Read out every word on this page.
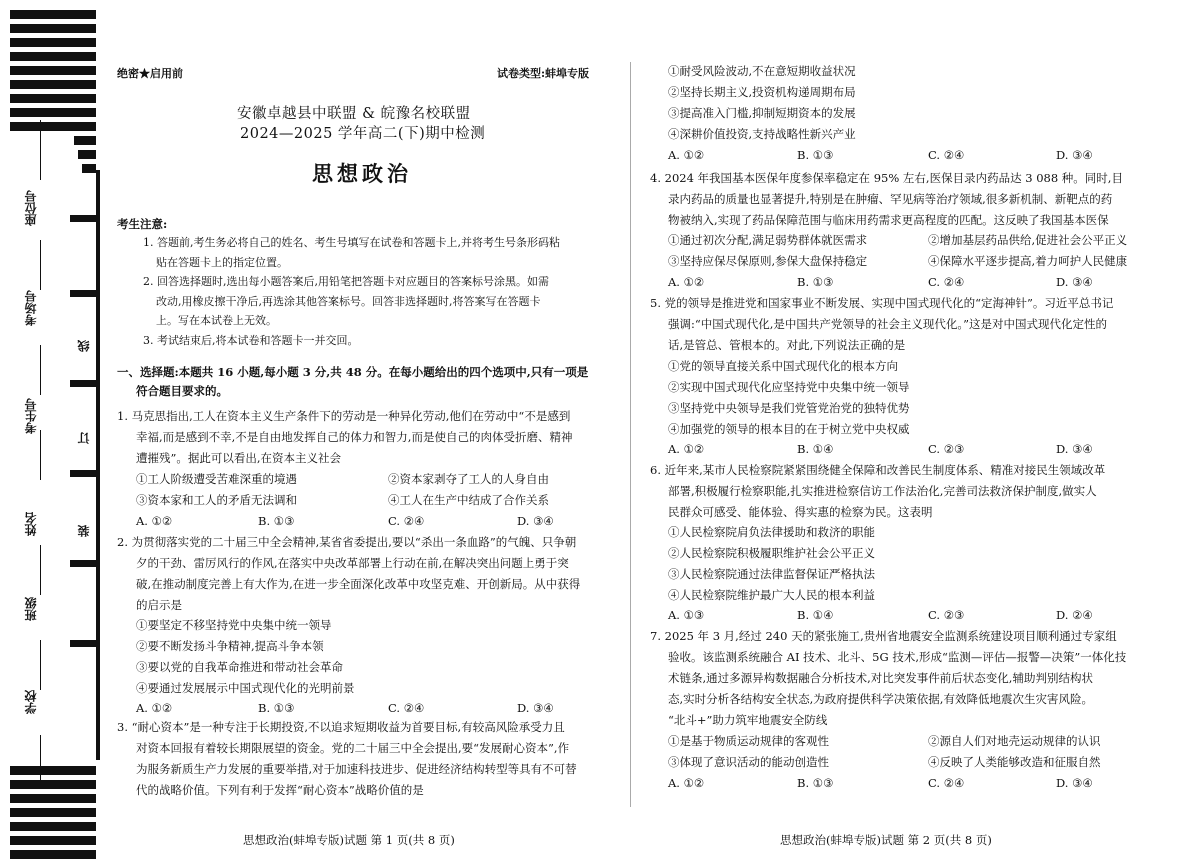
座位号
考场号
考生号
姓名
班级
学校
线
订
装
绝密★启用前	试卷类型:蚌埠专版
安徽卓越县中联盟 & 皖豫名校联盟
2024—2025 学年高二(下)期中检测
思想政治
考生注意:
1. 答题前,考生务必将自己的姓名、考生号填写在试卷和答题卡上,并将考生号条形码粘
贴在答题卡上的指定位置。
2. 回答选择题时,选出每小题答案后,用铅笔把答题卡对应题目的答案标号涂黑。如需
改动,用橡皮擦干净后,再选涂其他答案标号。回答非选择题时,将答案写在答题卡
上。写在本试卷上无效。
3. 考试结束后,将本试卷和答题卡一并交回。
一、选择题:本题共 16 小题,每小题 3 分,共 48 分。在每小题给出的四个选项中,只有一项是
符合题目要求的。
1. 马克思指出,工人在资本主义生产条件下的劳动是一种异化劳动,他们在劳动中“不是感到
幸福,而是感到不幸,不是自由地发挥自己的体力和智力,而是使自己的肉体受折磨、精神
遭摧残”。据此可以看出,在资本主义社会
①工人阶级遭受苦难深重的境遇	②资本家剥夺了工人的人身自由
③资本家和工人的矛盾无法调和	④工人在生产中结成了合作关系
A. ①②	B. ①③	C. ②④	D. ③④
2. 为贯彻落实党的二十届三中全会精神,某省省委提出,要以“杀出一条血路”的气魄、只争朝
夕的干劲、雷厉风行的作风,在落实中央改革部署上行动在前,在解决突出问题上勇于突
破,在推动制度完善上有大作为,在进一步全面深化改革中攻坚克难、开创新局。从中获得
的启示是
①要坚定不移坚持党中央集中统一领导
②要不断发扬斗争精神,提高斗争本领
③要以党的自我革命推进和带动社会革命
④要通过发展展示中国式现代化的光明前景
A. ①②	B. ①③	C. ②④	D. ③④
3. “耐心资本”是一种专注于长期投资,不以追求短期收益为首要目标,有较高风险承受力且
对资本回报有着较长期限展望的资金。党的二十届三中全会提出,要“发展耐心资本”,作
为服务新质生产力发展的重要举措,对于加速科技进步、促进经济结构转型等具有不可替
代的战略价值。下列有利于发挥“耐心资本”战略价值的是
思想政治(蚌埠专版)试题 第 1 页(共 8 页)
①耐受风险波动,不在意短期收益状况
②坚持长期主义,投资机构递周期布局
③提高准入门槛,抑制短期资本的发展
④深耕价值投资,支持战略性新兴产业
A. ①②	B. ①③	C. ②④	D. ③④
4. 2024 年我国基本医保年度参保率稳定在 95% 左右,医保目录内药品达 3 088 种。同时,目
录内药品的质量也显著提升,特别是在肿瘤、罕见病等治疗领域,很多新机制、新靶点的药
物被纳入,实现了药品保障范围与临床用药需求更高程度的匹配。这反映了我国基本医保
①通过初次分配,满足弱势群体就医需求	②增加基层药品供给,促进社会公平正义
③坚持应保尽保原则,参保大盘保持稳定	④保障水平逐步提高,着力呵护人民健康
A. ①②	B. ①③	C. ②④	D. ③④
5. 党的领导是推进党和国家事业不断发展、实现中国式现代化的“定海神针”。习近平总书记
强调:“中国式现代化,是中国共产党领导的社会主义现代化。”这是对中国式现代化定性的
话,是管总、管根本的。对此,下列说法正确的是
①党的领导直接关系中国式现代化的根本方向
②实现中国式现代化应坚持党中央集中统一领导
③坚持党中央领导是我们党管党治党的独特优势
④加强党的领导的根本目的在于树立党中央权威
A. ①②	B. ①④	C. ②③	D. ③④
6. 近年来,某市人民检察院紧紧围绕健全保障和改善民生制度体系、精准对接民生领域改革
部署,积极履行检察职能,扎实推进检察信访工作法治化,完善司法救济保护制度,做实人
民群众可感受、能体验、得实惠的检察为民。这表明
①人民检察院肩负法律援助和救济的职能
②人民检察院积极履职维护社会公平正义
③人民检察院通过法律监督保证严格执法
④人民检察院维护最广大人民的根本利益
A. ①③	B. ①④	C. ②③	D. ②④
7. 2025 年 3 月,经过 240 天的紧张施工,贵州省地震安全监测系统建设项目顺利通过专家组
验收。该监测系统融合 AI 技术、北斗、5G 技术,形成“监测—评估—报警—决策”一体化技
术链条,通过多源异构数据融合分析技术,对比突发事件前后状态变化,辅助判别结构状
态,实时分析各结构安全状态,为政府提供科学决策依据,有效降低地震次生灾害风险。
“北斗+”助力筑牢地震安全防线
①是基于物质运动规律的客观性	②源自人们对地壳运动规律的认识
③体现了意识活动的能动创造性	④反映了人类能够改造和征服自然
A. ①②	B. ①③	C. ②④	D. ③④
思想政治(蚌埠专版)试题 第 2 页(共 8 页)
